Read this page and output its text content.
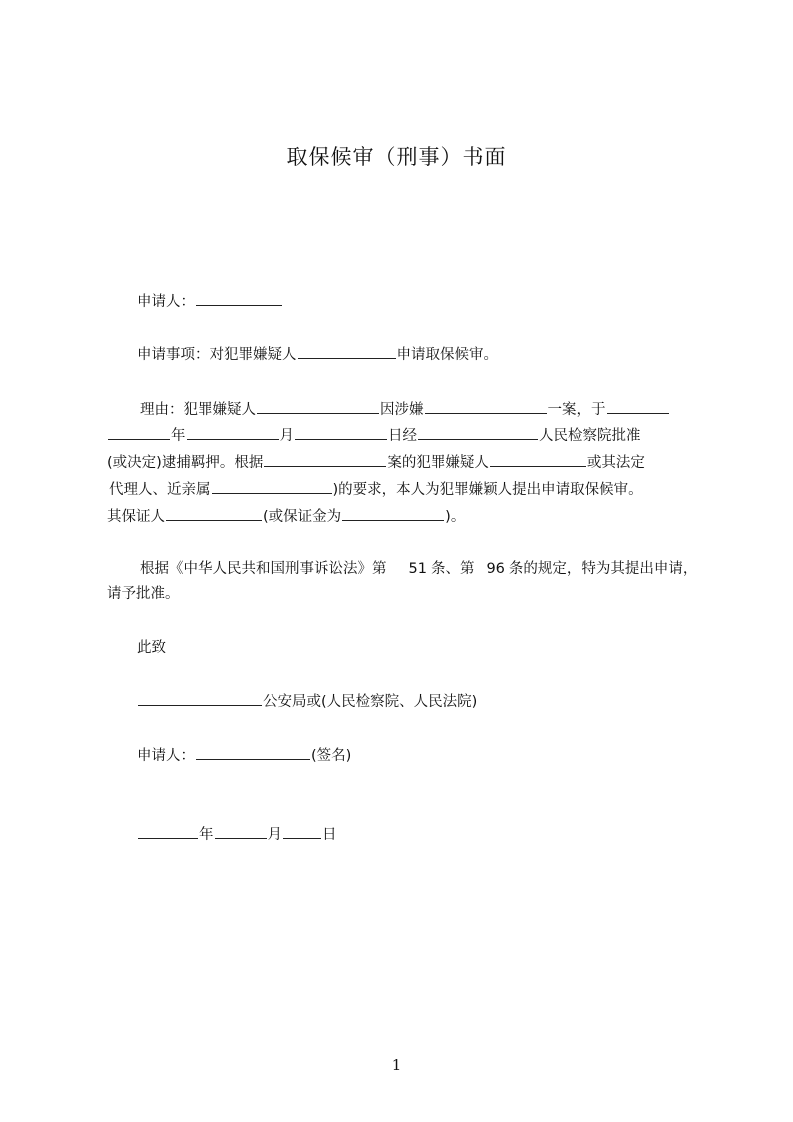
取保候审（刑事）书面
申请人：
申请事项：对犯罪嫌疑人	申请取保候审。
理由：犯罪嫌疑人	因涉嫌	一案，于
年	月	日经	人民检察院批准
(或决定)逮捕羁押。根据	案的犯罪嫌疑人	或其法定
代理人、近亲属	)的要求，本人为犯罪嫌颖人提出申请取保候审。
其保证人	(或保证金为	)。
根据《中华人民共和国刑事诉讼法》第 51 条、第 96 条的规定，特为其提出申请，
请予批准。
此致
公安局或(人民检察院、人民法院)
申请人：	(签名)
年	月	日
1
